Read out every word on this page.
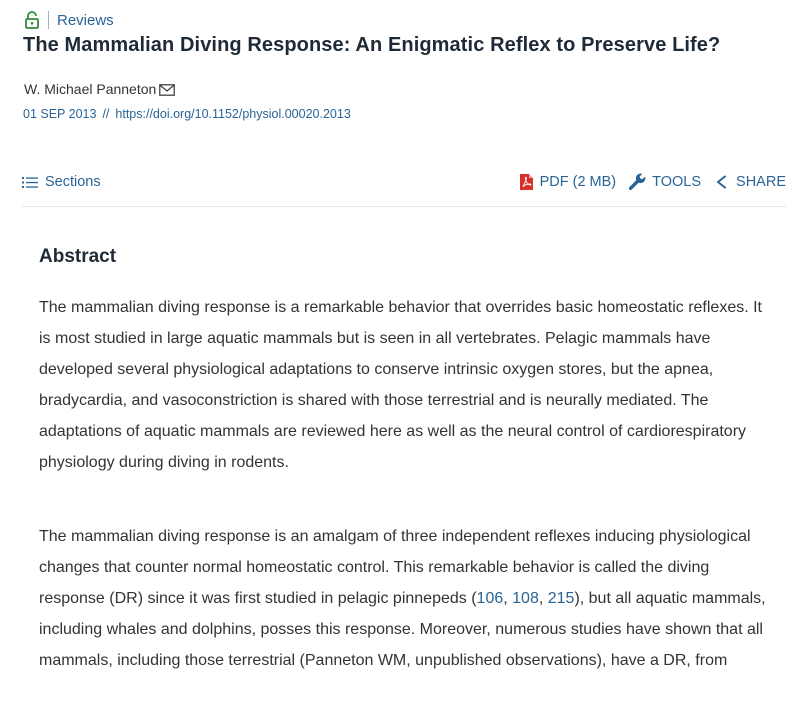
Reviews
The Mammalian Diving Response: An Enigmatic Reflex to Preserve Life?
W. Michael Panneton
01 SEP 2013 // https://doi.org/10.1152/physiol.00020.2013
Sections	PDF (2 MB) TOOLS SHARE
Abstract

The mammalian diving response is a remarkable behavior that overrides basic homeostatic reflexes. It is most studied in large aquatic mammals but is seen in all vertebrates. Pelagic mammals have developed several physiological adaptations to conserve intrinsic oxygen stores, but the apnea, bradycardia, and vasoconstriction is shared with those terrestrial and is neurally mediated. The adaptations of aquatic mammals are reviewed here as well as the neural control of cardiorespiratory physiology during diving in rodents.

The mammalian diving response is an amalgam of three independent reflexes inducing physiological changes that counter normal homeostatic control. This remarkable behavior is called the diving response (DR) since it was first studied in pelagic pinnepeds (106, 108, 215), but all aquatic mammals, including whales and dolphins, posses this response. Moreover, numerous studies have shown that all mammals, including those terrestrial (Panneton WM, unpublished observations), have a DR, from
